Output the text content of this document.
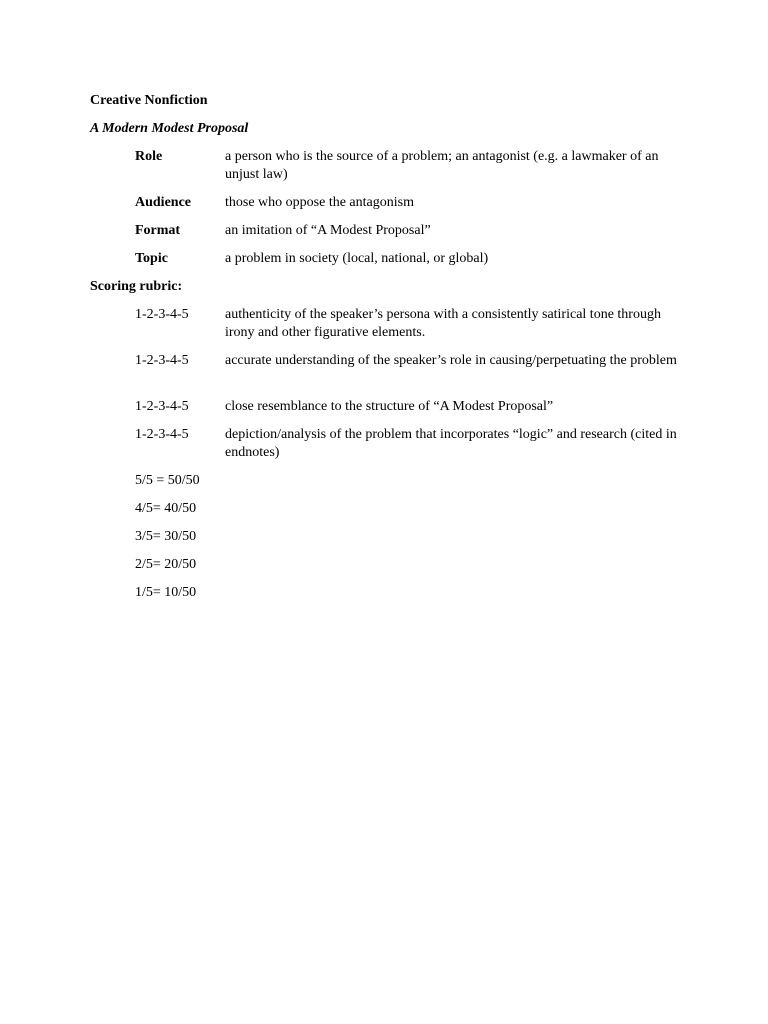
Creative Nonfiction
A Modern Modest Proposal
Role	a person who is the source of a problem; an antagonist (e.g. a lawmaker of an unjust law)
Audience	those who oppose the antagonism
Format	an imitation of “A Modest Proposal”
Topic	a problem in society (local, national, or global)
Scoring rubric:
1-2-3-4-5	authenticity of the speaker’s persona with a consistently satirical tone through irony and other figurative elements.
1-2-3-4-5	accurate understanding of the speaker’s role in causing/perpetuating the problem
1-2-3-4-5	close resemblance to the structure of “A Modest Proposal”
1-2-3-4-5	depiction/analysis of the problem that incorporates “logic” and research (cited in endnotes)
5/5 = 50/50
4/5= 40/50
3/5= 30/50
2/5= 20/50
1/5= 10/50
